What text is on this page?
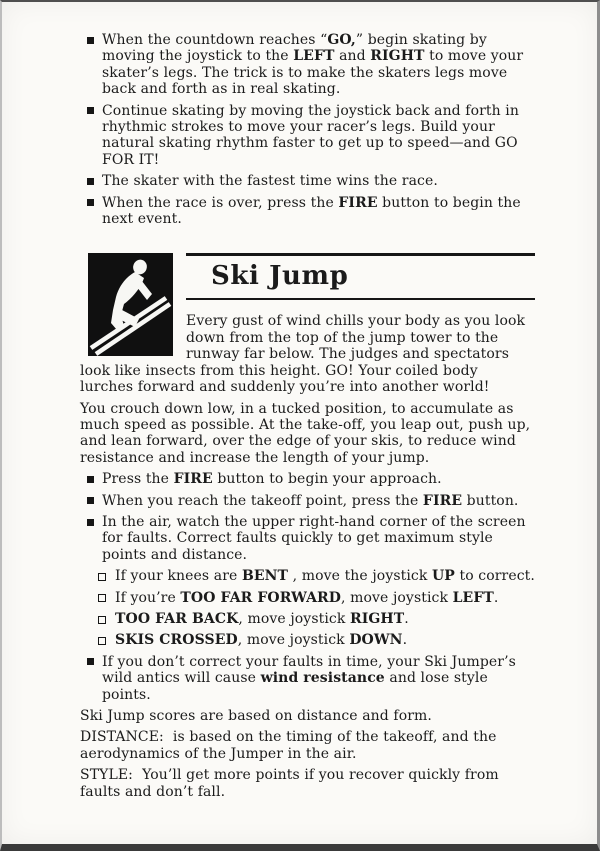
When the countdown reaches “GO,” begin skating by moving the joystick to the LEFT and RIGHT to move your skater’s legs. The trick is to make the skaters legs move back and forth as in real skating.
Continue skating by moving the joystick back and forth in rhythmic strokes to move your racer’s legs. Build your natural skating rhythm faster to get up to speed—and GO FOR IT!
The skater with the fastest time wins the race.
When the race is over, press the FIRE button to begin the next event.
Ski Jump
Every gust of wind chills your body as you look down from the top of the jump tower to the runway far below. The judges and spectators look like insects from this height. GO! Your coiled body lurches forward and suddenly you’re into another world!
You crouch down low, in a tucked position, to accumulate as much speed as possible. At the take-off, you leap out, push up, and lean forward, over the edge of your skis, to reduce wind resistance and increase the length of your jump.
Press the FIRE button to begin your approach.
When you reach the takeoff point, press the FIRE button.
In the air, watch the upper right-hand corner of the screen for faults. Correct faults quickly to get maximum style points and distance.
If your knees are BENT , move the joystick UP to correct.
If you’re TOO FAR FORWARD, move joystick LEFT.
TOO FAR BACK, move joystick RIGHT.
SKIS CROSSED, move joystick DOWN.
If you don’t correct your faults in time, your Ski Jumper’s wild antics will cause wind resistance and lose style points.
Ski Jump scores are based on distance and form.
DISTANCE:  is based on the timing of the takeoff, and the aerodynamics of the Jumper in the air.
STYLE:  You’ll get more points if you recover quickly from faults and don’t fall.
